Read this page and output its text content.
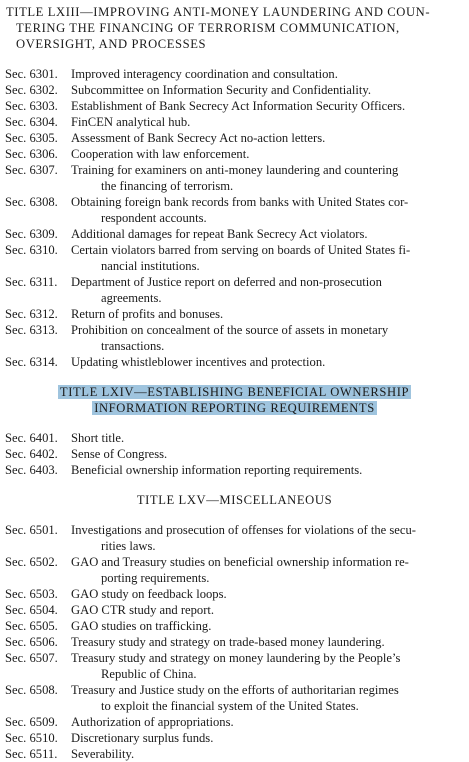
TITLE LXIII—IMPROVING ANTI-MONEY LAUNDERING AND COUN-
TERING THE FINANCING OF TERRORISM COMMUNICATION,
OVERSIGHT, AND PROCESSES
Sec. 6301. Improved interagency coordination and consultation.
Sec. 6302. Subcommittee on Information Security and Confidentiality.
Sec. 6303. Establishment of Bank Secrecy Act Information Security Officers.
Sec. 6304. FinCEN analytical hub.
Sec. 6305. Assessment of Bank Secrecy Act no-action letters.
Sec. 6306. Cooperation with law enforcement.
Sec. 6307. Training for examiners on anti-money laundering and countering
the financing of terrorism.
Sec. 6308. Obtaining foreign bank records from banks with United States cor-
respondent accounts.
Sec. 6309. Additional damages for repeat Bank Secrecy Act violators.
Sec. 6310. Certain violators barred from serving on boards of United States fi-
nancial institutions.
Sec. 6311. Department of Justice report on deferred and non-prosecution
agreements.
Sec. 6312. Return of profits and bonuses.
Sec. 6313. Prohibition on concealment of the source of assets in monetary
transactions.
Sec. 6314. Updating whistleblower incentives and protection.
TITLE LXIV—ESTABLISHING BENEFICIAL OWNERSHIP
INFORMATION REPORTING REQUIREMENTS
Sec. 6401. Short title.
Sec. 6402. Sense of Congress.
Sec. 6403. Beneficial ownership information reporting requirements.
TITLE LXV—MISCELLANEOUS
Sec. 6501. Investigations and prosecution of offenses for violations of the secu-
rities laws.
Sec. 6502. GAO and Treasury studies on beneficial ownership information re-
porting requirements.
Sec. 6503. GAO study on feedback loops.
Sec. 6504. GAO CTR study and report.
Sec. 6505. GAO studies on trafficking.
Sec. 6506. Treasury study and strategy on trade-based money laundering.
Sec. 6507. Treasury study and strategy on money laundering by the People’s
Republic of China.
Sec. 6508. Treasury and Justice study on the efforts of authoritarian regimes
to exploit the financial system of the United States.
Sec. 6509. Authorization of appropriations.
Sec. 6510. Discretionary surplus funds.
Sec. 6511. Severability.
